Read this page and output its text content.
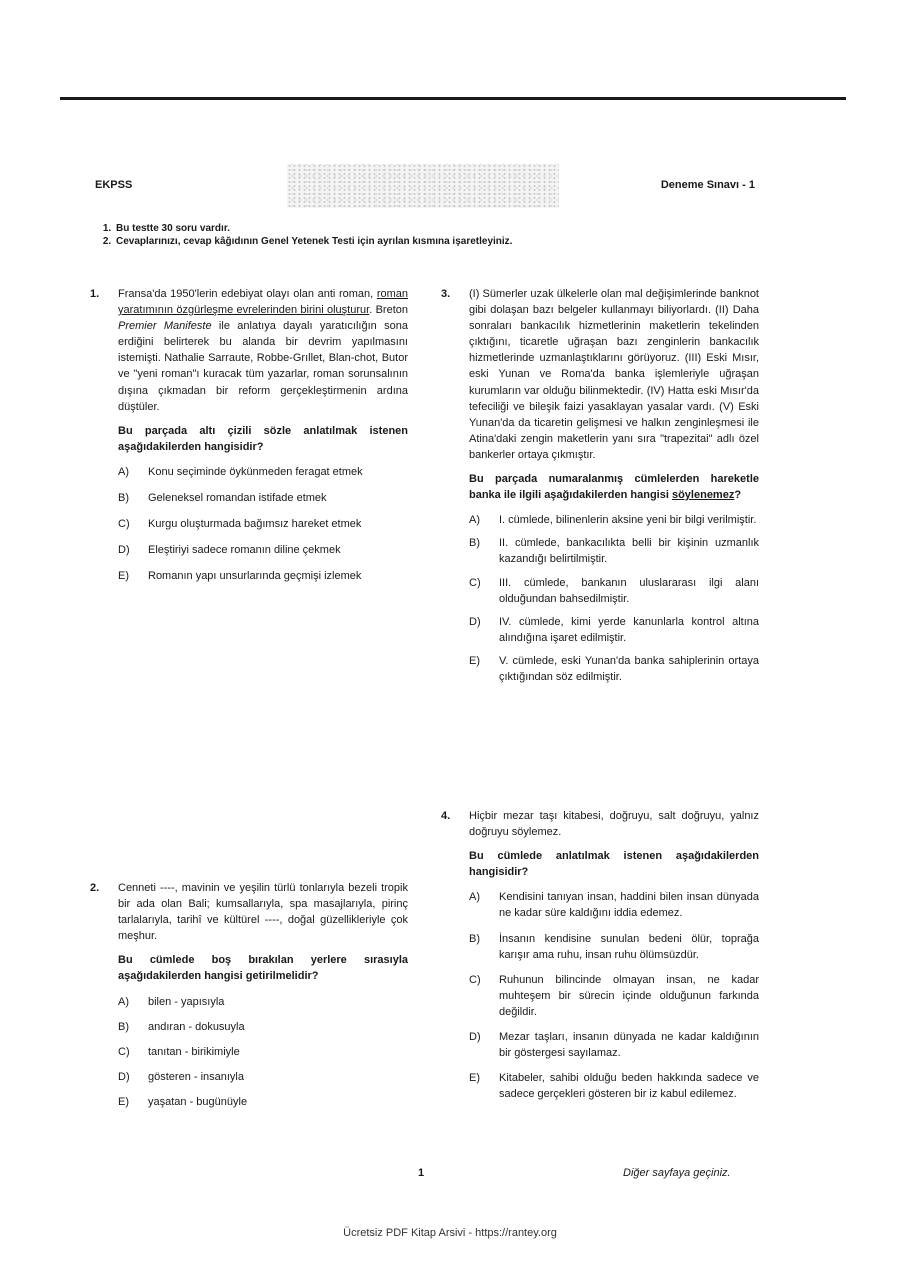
EKPSS	Deneme Sınavı - 1
1. Bu testte 30 soru vardır.
2. Cevaplarınızı, cevap kâğıdının Genel Yetenek Testi için ayrılan kısmına işaretleyiniz.
1. Fransa'da 1950'lerin edebiyat olayı olan anti roman, roman yaratımının özgürleşme evrelerinden birini oluşturur. Breton Premier Manifeste ile anlatıya dayalı yaratıcılığın sona erdiğini belirterek bu alanda bir devrim yapılmasını istemişti. Nathalie Sarraute, Robbe-Grıllet, Blan-chot, Butor ve "yeni roman"ı kuracak tüm yazarlar, roman sorunsalının dışına çıkmadan bir reform gerçekleştirmenin ardına düştüler.

Bu parçada altı çizili sözle anlatılmak istenen aşağıdakilerden hangisidir?

A) Konu seçiminde öykünmeden feragat etmek
B) Geleneksel romandan istifade etmek
C) Kurgu oluşturmada bağımsız hareket etmek
D) Eleştiriyi sadece romanın diline çekmek
E) Romanın yapı unsurlarında geçmişi izlemek
2. Cenneti ----, mavinin ve yeşilin türlü tonlarıyla bezeli tropik bir ada olan Bali; kumsallarıyla, spa masajlarıyla, pirinç tarlalarıyla, tarihî ve kültürel ----, doğal güzellikleriyle çok meşhur.

Bu cümlede boş bırakılan yerlere sırasıyla aşağıdakilerden hangisi getirilmelidir?

A) bilen - yapısıyla
B) andıran - dokusuyla
C) tanıtan - birikimiyle
D) gösteren - insanıyla
E) yaşatan - bugünüyle
3. (I) Sümerler uzak ülkelerle olan mal değişimlerinde banknot gibi dolaşan bazı belgeler kullanmayı biliyorlardı. (II) Daha sonraları bankacılık hizmetlerinin maketlerin tekelinden çıktığını, ticaretle uğraşan bazı zenginlerin bankacılık hizmetlerinde uzmanlaştıklarını görüyoruz. (III) Eski Mısır, eski Yunan ve Roma'da banka işlemleriyle uğraşan kurumların var olduğu bilinmektedir. (IV) Hatta eski Mısır'da tefeciliği ve bileşik faizi yasaklayan yasalar vardı. (V) Eski Yunan'da da ticaretin gelişmesi ve halkın zenginleşmesi ile Atina'daki zengin maketlerin yanı sıra "trapezitai" adlı özel bankerler ortaya çıkmıştır.

Bu parçada numaralanmış cümlelerden hareketle banka ile ilgili aşağıdakilerden hangisi söylenemez?

A) I. cümlede, bilinenlerin aksine yeni bir bilgi verilmiştir.
B) II. cümlede, bankacılıkta belli bir kişinin uzmanlık kazandığı belirtilmiştir.
C) III. cümlede, bankanın uluslararası ilgi alanı olduğundan bahsedilmiştir.
D) IV. cümlede, kimi yerde kanunlarla kontrol altına alındığına işaret edilmiştir.
E) V. cümlede, eski Yunan'da banka sahiplerinin ortaya çıktığından söz edilmiştir.
4. Hiçbir mezar taşı kitabesi, doğruyu, salt doğruyu, yalnız doğruyu söylemez.

Bu cümlede anlatılmak istenen aşağıdakilerden hangisidir?

A) Kendisini tanıyan insan, haddini bilen insan dünyada ne kadar süre kaldığını iddia edemez.
B) İnsanın kendisine sunulan bedeni ölür, toprağa karışır ama ruhu, insan ruhu ölümsüzdür.
C) Ruhunun bilincinde olmayan insan, ne kadar muhteşem bir sürecin içinde olduğunun farkında değildir.
D) Mezar taşları, insanın dünyada ne kadar kaldığının bir göstergesi sayılamaz.
E) Kitabeler, sahibi olduğu beden hakkında sadece ve sadece gerçekleri gösteren bir iz kabul edilemez.
1	Diğer sayfaya geçiniz.
Ücretsiz PDF Kitap Arsivi - https://rantey.org
